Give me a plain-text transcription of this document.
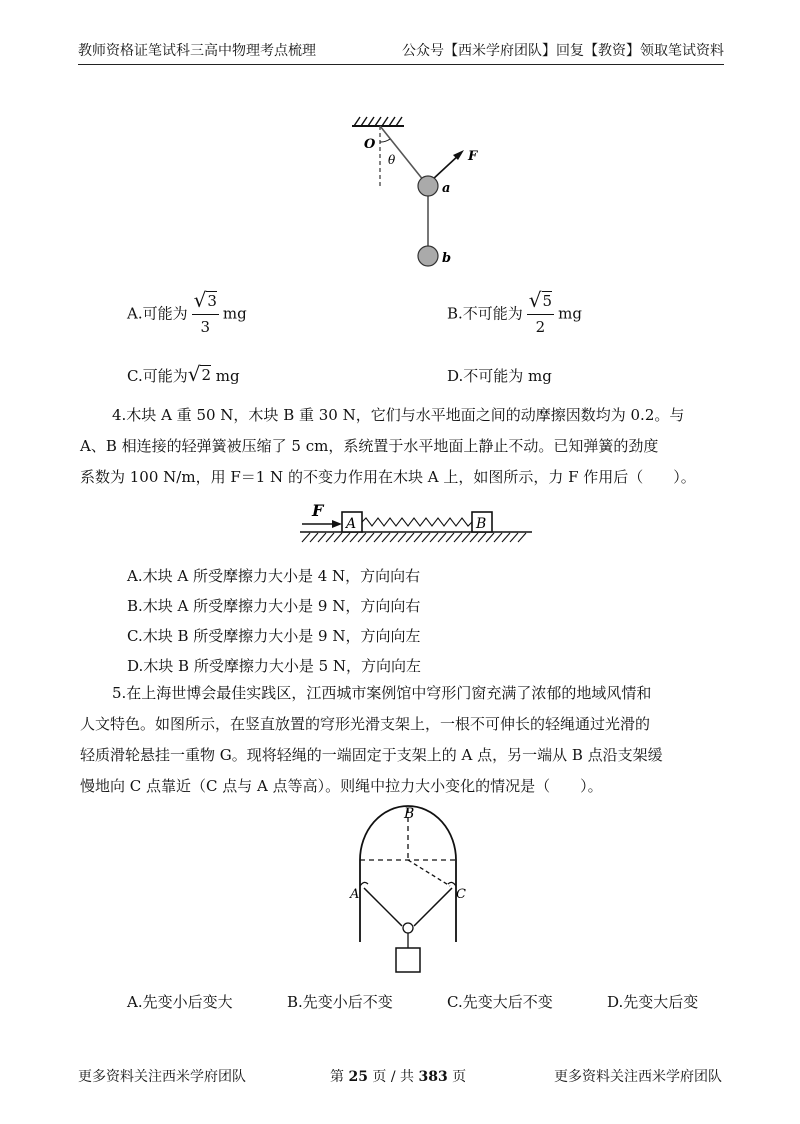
教师资格证笔试科三高中物理考点梳理	公众号【西米学府团队】回复【教资】领取笔试资料
O
θ	F
a
b
A.可能为 $\frac{√ 3}{3}$ mg	B.不可能为 $\frac{√ 5}{2}$ mg
C.可能为 √ 2 mg	D.不可能为 mg
4.木块 A 重 50 N，木块 B 重 30 N，它们与水平地面之间的动摩擦因数均为 0.2。与
A、B 相连接的轻弹簧被压缩了 5 cm，系统置于水平地面上静止不动。已知弹簧的劲度
系数为 100 N/m，用 F＝1 N 的不变力作用在木块 A 上，如图所示，力 F 作用后（　　）。
F
A	B
A.木块 A 所受摩擦力大小是 4 N，方向向右
B.木块 A 所受摩擦力大小是 9 N，方向向右
C.木块 B 所受摩擦力大小是 9 N，方向向左
D.木块 B 所受摩擦力大小是 5 N，方向向左
5.在上海世博会最佳实践区，江西城市案例馆中穹形门窗充满了浓郁的地域风情和
人文特色。如图所示，在竖直放置的穹形光滑支架上，一根不可伸长的轻绳通过光滑的
轻质滑轮悬挂一重物 G。现将轻绳的一端固定于支架上的 A 点，另一端从 B 点沿支架缓
慢地向 C 点靠近（C 点与 A 点等高）。则绳中拉力大小变化的情况是（　　）。
B
A	C
A.先变小后变大	B.先变小后不变	C.先变大后不变	D.先变大后变
更多资料关注西米学府团队	第 25 页 / 共 383 页	更多资料关注西米学府团队
